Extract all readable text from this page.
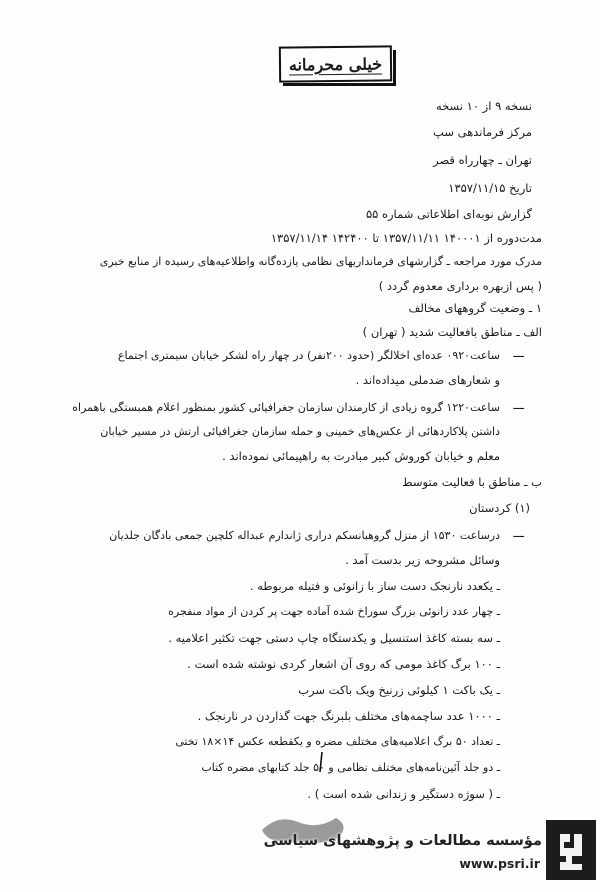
خیلی محرمانه
نسخه ۹ از ۱۰ نسخه
مرکز فرماندهی سپ
تهران ـ چهارراه قصر
تاریخ ۱۳۵۷/۱۱/۱۵
گزارش نوبه‌ای اطلاعاتی شماره ۵۵
مدت‌دوره از ۱۴۰۰۰۱ ۱۳۵۷/۱۱/۱۱ تا ۱۴۲۴۰۰ ۱۳۵۷/۱۱/۱۴
مدرک مورد مراجعه ـ گزارشهای فرماندار‌یهای نظامی یازده‌گانه واطلاعیه‌های رسیده از منابع خبری
( پس ازبهره برداری معدوم گردد )
۱ ـ وضعیت گروههای مخالف
الف ـ مناطق بافعالیت شدید ( تهران )
ـــ
ساعت۰۹۲۰ عده‌ای اخلالگر (حدود ۲۰۰نفر) در چهار راه لشکر خیابان سیمتری اجتماع
و شعارهای ضدملی میداده‌اند .
ـــ
ساعت۱۲۲۰ گروه زیادی از کارمندان سازمان جغرافیائی کشور بمنظور اعلام همبستگی باهمراه
داشتن پلاکاردهائی از عکس‌های خمینی و حمله سازمان جغرافیائی ارتش در مسیر خیابان
معلم و خیابان کوروش کبیر مبادرت به راهپیمائی نموده‌اند .
ب ـ مناطق با فعالیت متوسط
(۱) کردستان
ـــ
درساعت ۱۵۳۰ از منزل گروهبانسکم دراری ژاندارم عبداله کلچین جمعی بادگان جلدیان
وسائل مشروحه زیر بدست آمد .
ـ یکعدد نارنجک دست ساز با زانوئی و فتیله مربوطه .
ـ چهار عدد زانوئی بزرگ سوراخ شده آماده جهت پر کردن از مواد منفجره
ـ سه بسته کاغذ استنسیل و یکدستگاه چاپ دستی جهت تکثیر اعلامیه .
ـ ۱۰۰ برگ کاغذ مومی که روی آن اشعار کردی نوشته شده است .
ـ یک باکت ۱ کیلوئی زرنیخ ویک باکت سرب
ـ ۱۰۰۰ عدد ساچمه‌های مختلف بلبرنگ جهت گذاردن در نارنجک .
ـ تعداد ۵۰ برگ اعلامیه‌های مختلف مضره و یکقطعه عکس ۱۴×۱۸ تختی
ـ دو جلد آئین‌نامه‌های مختلف نظامی و ۵۰ جلد کتابهای مضره کتاب
ـ ( سوژه دستگیر و زندانی شده است ) .
مؤسسه مطالعات و پژوهشهای سیاسی
www.psri.ir
